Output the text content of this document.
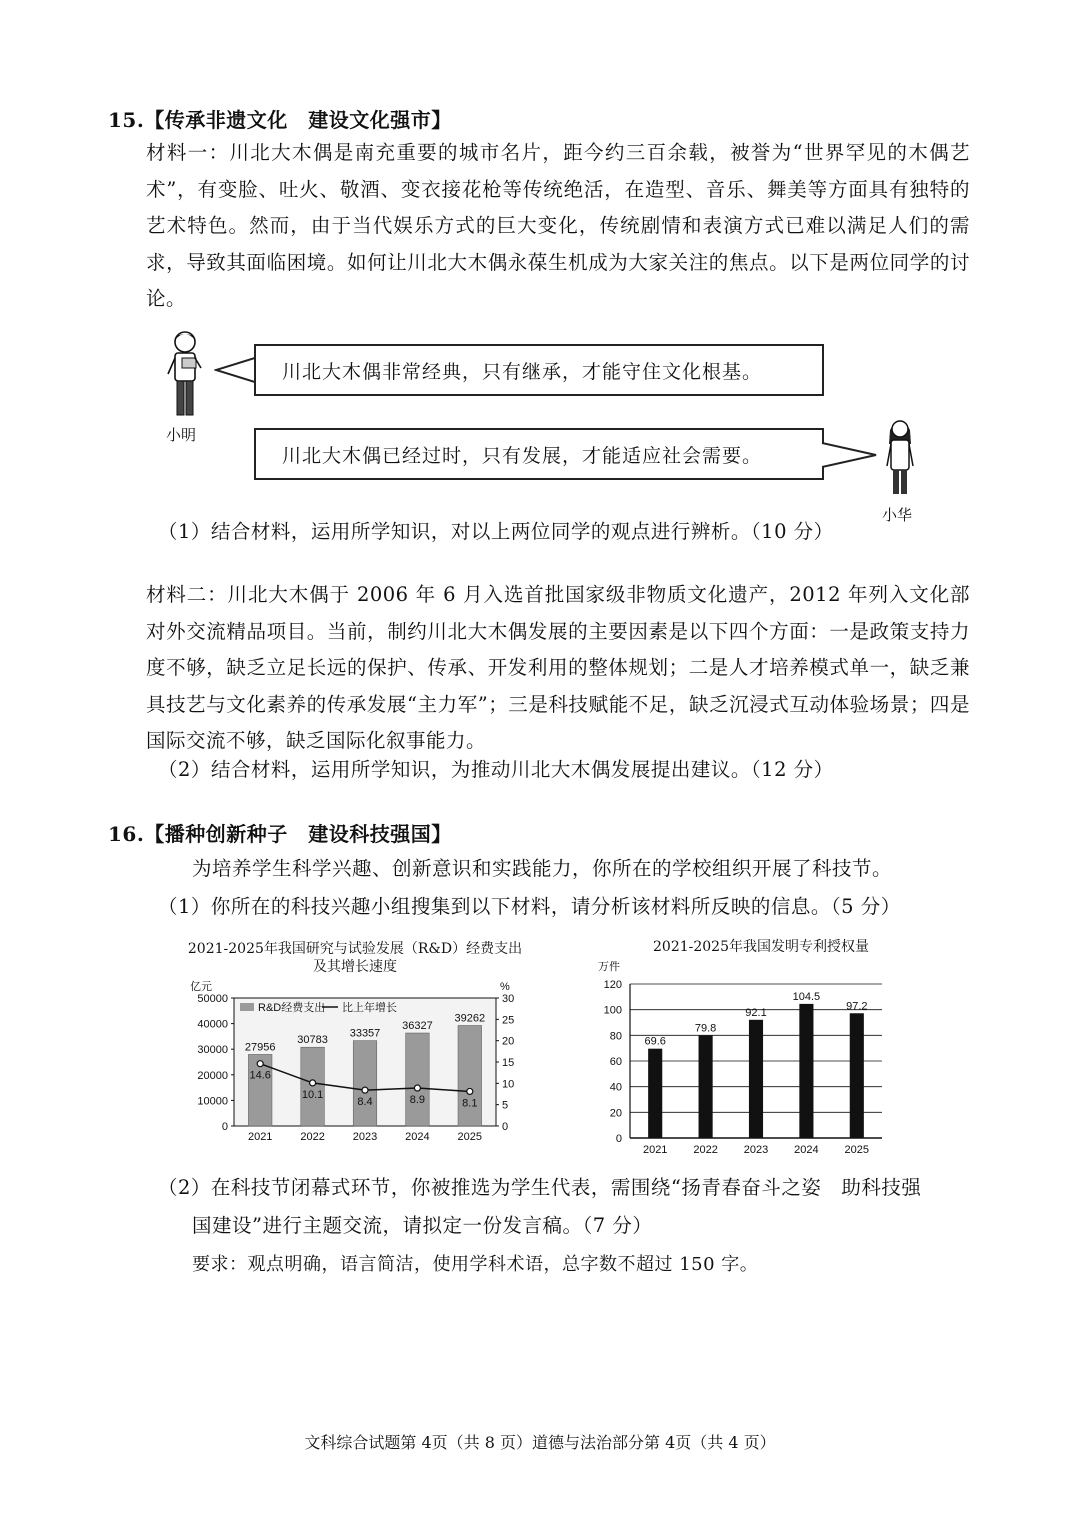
15.【传承非遗文化　建设文化强市】
材料一：川北大木偶是南充重要的城市名片，距今约三百余载，被誉为“世界罕见的木偶艺术”，有变脸、吐火、敬酒、变衣接花枪等传统绝活，在造型、音乐、舞美等方面具有独特的艺术特色。然而，由于当代娱乐方式的巨大变化，传统剧情和表演方式已难以满足人们的需求，导致其面临困境。如何让川北大木偶永葆生机成为大家关注的焦点。以下是两位同学的讨论。
小明
川北大木偶非常经典，只有继承，才能守住文化根基。
川北大木偶已经过时，只有发展，才能适应社会需要。
小华
（1）结合材料，运用所学知识，对以上两位同学的观点进行辨析。（10 分）
材料二：川北大木偶于 2006 年 6 月入选首批国家级非物质文化遗产，2012 年列入文化部对外交流精品项目。当前，制约川北大木偶发展的主要因素是以下四个方面：一是政策支持力度不够，缺乏立足长远的保护、传承、开发利用的整体规划；二是人才培养模式单一，缺乏兼具技艺与文化素养的传承发展“主力军”；三是科技赋能不足，缺乏沉浸式互动体验场景；四是国际交流不够，缺乏国际化叙事能力。
（2）结合材料，运用所学知识，为推动川北大木偶发展提出建议。（12 分）
16.【播种创新种子　建设科技强国】
为培养学生科学兴趣、创新意识和实践能力，你所在的学校组织开展了科技节。
（1）你所在的科技兴趣小组搜集到以下材料，请分析该材料所反映的信息。（5 分）
2021-2025年我国研究与试验发展（R&D）经费支出
及其增长速度
亿元	%
0
10000
20000
30000
40000
50000
0
5
10
15
20
25
30
R&D经费支出 比上年增长
27956
2021
30783
2022
33357
2023
36327
2024
39262
2025
14.6
10.1
8.4	8.9	8.1
2021-2025年我国发明专利授权量
万件
0
20
40
60
80
100
120
69.6
2021
79.8
2022
92.1
2023
104.5
2024
97.2
2025
（2）在科技节闭幕式环节，你被推选为学生代表，需围绕“扬青春奋斗之姿　助科技强
国建设”进行主题交流，请拟定一份发言稿。（7 分）
要求：观点明确，语言简洁，使用学科术语，总字数不超过 150 字。
文科综合试题第 4页（共 8 页）道德与法治部分第 4页（共 4 页）
